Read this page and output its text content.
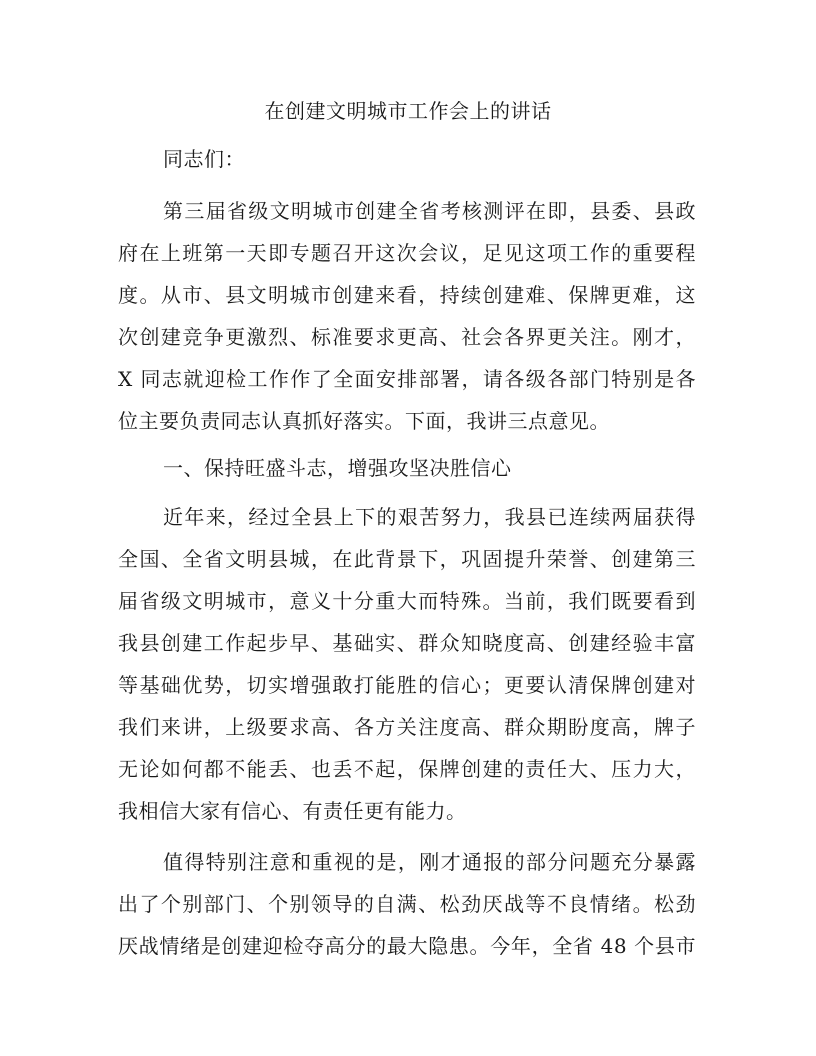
在创建文明城市工作会上的讲话
同志们：
第三届省级文明城市创建全省考核测评在即，县委、县政
府在上班第一天即专题召开这次会议，足见这项工作的重要程
度。从市、县文明城市创建来看，持续创建难、保牌更难，这
次创建竞争更激烈、标准要求更高、社会各界更关注。刚才，
X 同志就迎检工作作了全面安排部署，请各级各部门特别是各
位主要负责同志认真抓好落实。下面，我讲三点意见。
一、保持旺盛斗志，增强攻坚决胜信心
近年来，经过全县上下的艰苦努力，我县已连续两届获得
全国、全省文明县城，在此背景下，巩固提升荣誉、创建第三
届省级文明城市，意义十分重大而特殊。当前，我们既要看到
我县创建工作起步早、基础实、群众知晓度高、创建经验丰富
等基础优势，切实增强敢打能胜的信心；更要认清保牌创建对
我们来讲，上级要求高、各方关注度高、群众期盼度高，牌子
无论如何都不能丢、也丢不起，保牌创建的责任大、压力大，
我相信大家有信心、有责任更有能力。
值得特别注意和重视的是，刚才通报的部分问题充分暴露
出了个别部门、个别领导的自满、松劲厌战等不良情绪。松劲
厌战情绪是创建迎检夺高分的最大隐患。今年，全省 48 个县市
